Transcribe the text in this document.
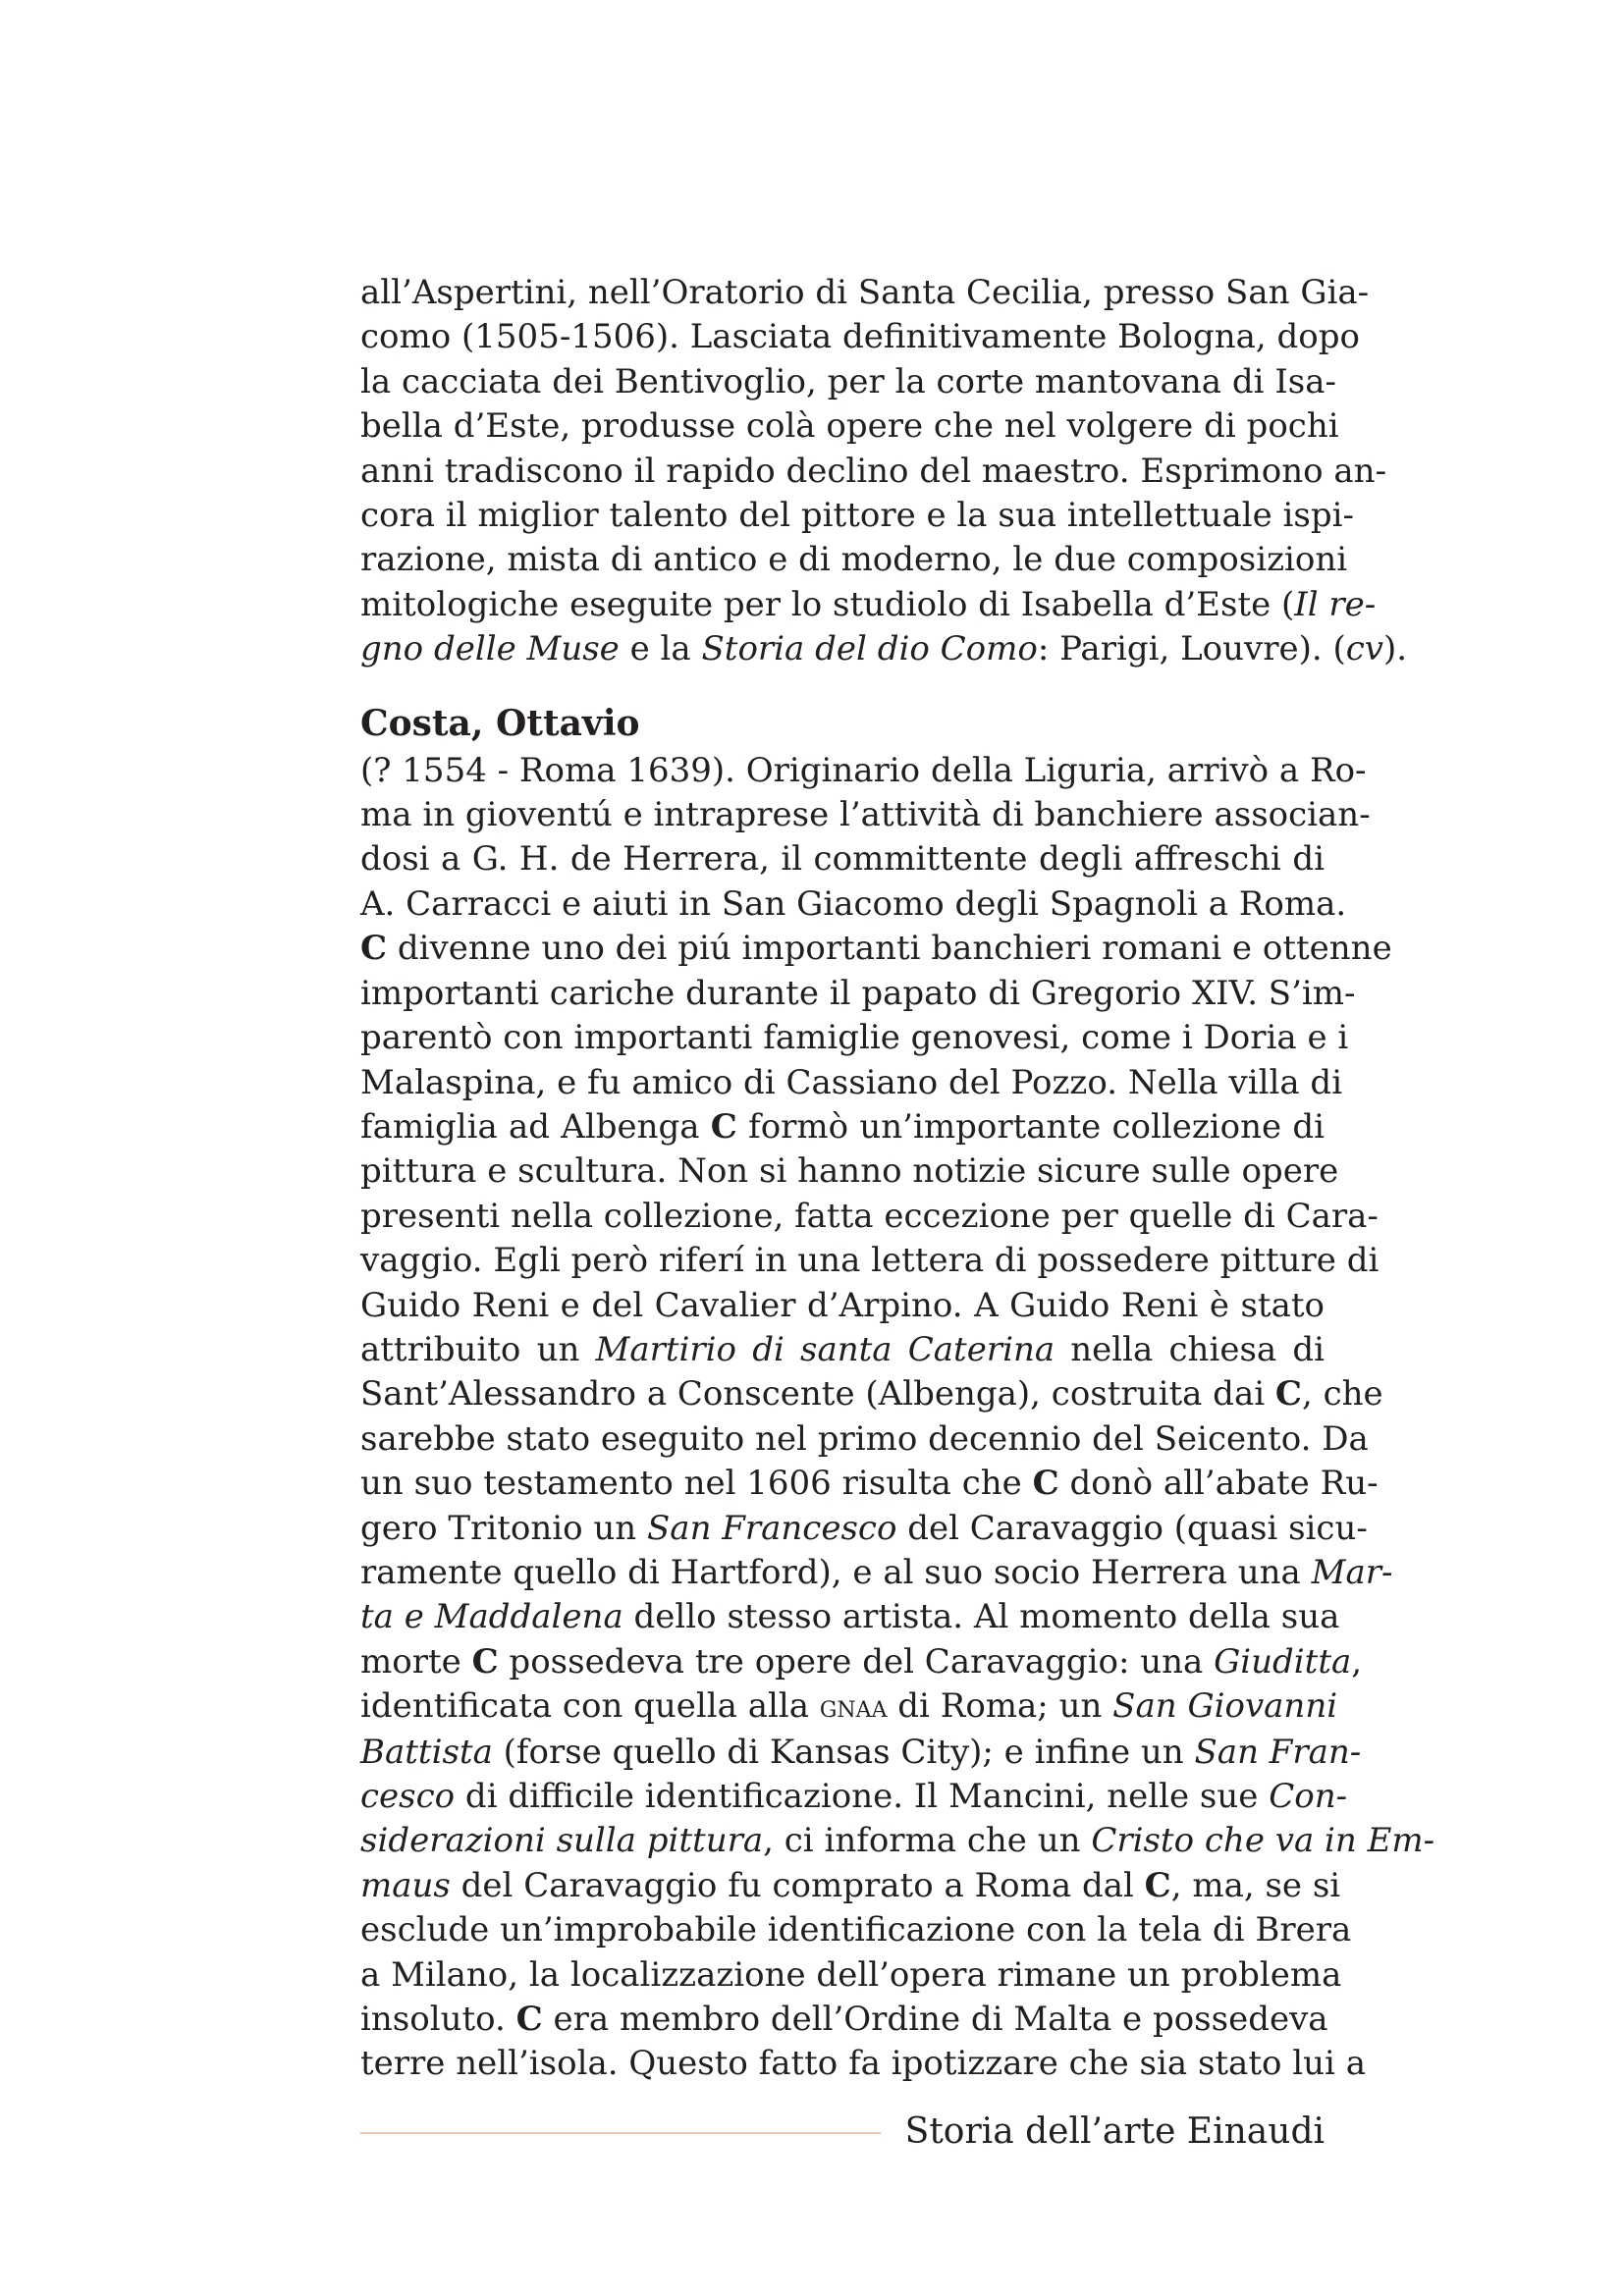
all’Aspertini, nell’Oratorio di Santa Cecilia, presso San Gia-
como (1505-1506). Lasciata definitivamente Bologna, dopo
la cacciata dei Bentivoglio, per la corte mantovana di Isa-
bella d’Este, produsse colà opere che nel volgere di pochi
anni tradiscono il rapido declino del maestro. Esprimono an-
cora il miglior talento del pittore e la sua intellettuale ispi-
razione, mista di antico e di moderno, le due composizioni
mitologiche eseguite per lo studiolo di Isabella d’Este (Il re-
gno delle Muse e la Storia del dio Como: Parigi, Louvre). (cv).
Costa, Ottavio
(? 1554 - Roma 1639). Originario della Liguria, arrivò a Ro-
ma in gioventú e intraprese l’attività di banchiere associan-
dosi a G. H. de Herrera, il committente degli affreschi di
A. Carracci e aiuti in San Giacomo degli Spagnoli a Roma.
C divenne uno dei piú importanti banchieri romani e ottenne
importanti cariche durante il papato di Gregorio XIV. S’im-
parentò con importanti famiglie genovesi, come i Doria e i
Malaspina, e fu amico di Cassiano del Pozzo. Nella villa di
famiglia ad Albenga C formò un’importante collezione di
pittura e scultura. Non si hanno notizie sicure sulle opere
presenti nella collezione, fatta eccezione per quelle di Cara-
vaggio. Egli però riferí in una lettera di possedere pitture di
Guido Reni e del Cavalier d’Arpino. A Guido Reni è stato
attribuito un Martirio di santa Caterina nella chiesa di
Sant’Alessandro a Conscente (Albenga), costruita dai C, che
sarebbe stato eseguito nel primo decennio del Seicento. Da
un suo testamento nel 1606 risulta che C donò all’abate Ru-
gero Tritonio un San Francesco del Caravaggio (quasi sicu-
ramente quello di Hartford), e al suo socio Herrera una Mar-
ta e Maddalena dello stesso artista. Al momento della sua
morte C possedeva tre opere del Caravaggio: una Giuditta,
identificata con quella alla gnaa di Roma; un San Giovanni
Battista (forse quello di Kansas City); e infine un San Fran-
cesco di difficile identificazione. Il Mancini, nelle sue Con-
siderazioni sulla pittura, ci informa che un Cristo che va in Em-
maus del Caravaggio fu comprato a Roma dal C, ma, se si
esclude un’improbabile identificazione con la tela di Brera
a Milano, la localizzazione dell’opera rimane un problema
insoluto. C era membro dell’Ordine di Malta e possedeva
terre nell’isola. Questo fatto fa ipotizzare che sia stato lui a
Storia dell’arte Einaudi
